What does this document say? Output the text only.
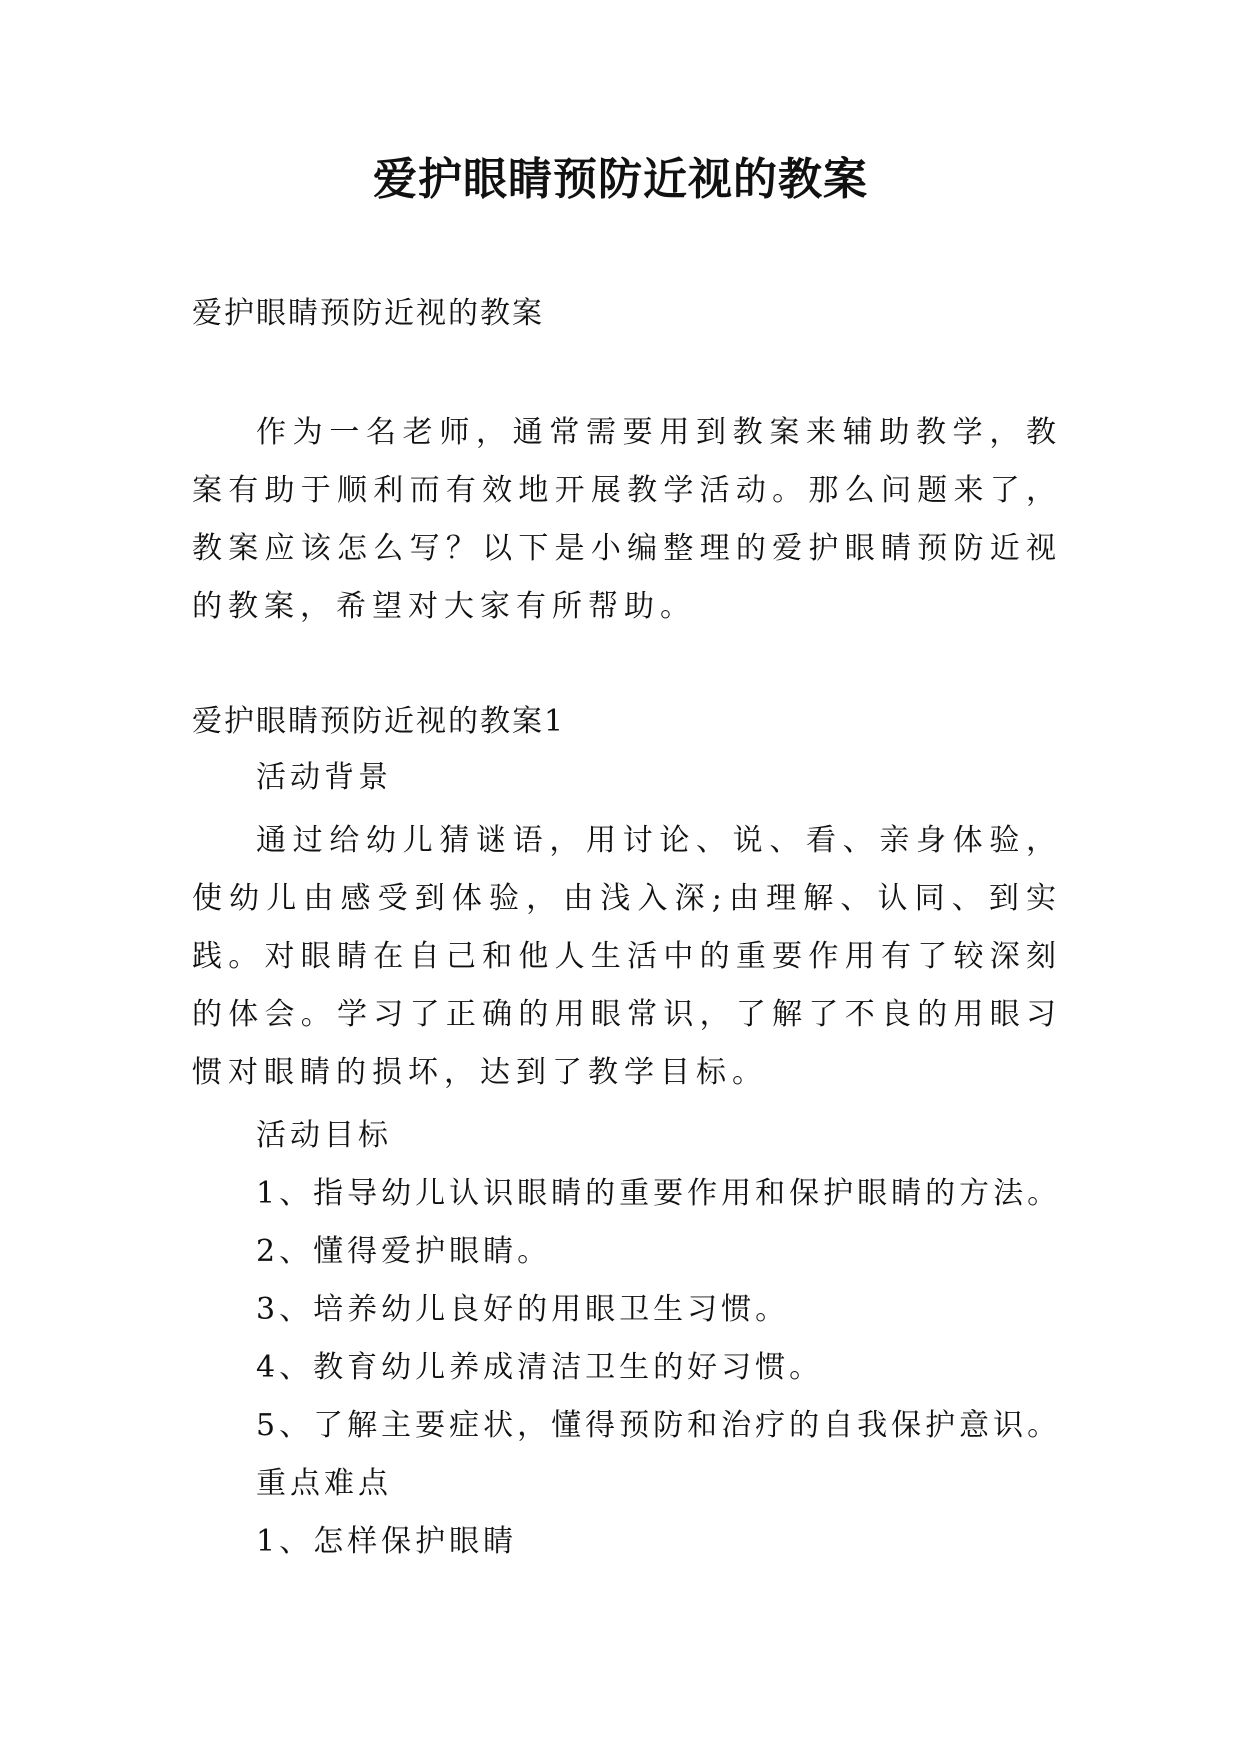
爱护眼睛预防近视的教案
爱护眼睛预防近视的教案
作为一名老师，通常需要用到教案来辅助教学，教案有助于顺利而有效地开展教学活动。那么问题来了，教案应该怎么写？以下是小编整理的爱护眼睛预防近视的教案，希望对大家有所帮助。
爱护眼睛预防近视的教案1
活动背景
通过给幼儿猜谜语，用讨论、说、看、亲身体验，使幼儿由感受到体验，由浅入深;由理解、认同、到实践。对眼睛在自己和他人生活中的重要作用有了较深刻的体会。学习了正确的用眼常识，了解了不良的用眼习惯对眼睛的损坏，达到了教学目标。
活动目标
1、指导幼儿认识眼睛的重要作用和保护眼睛的方法。
2、懂得爱护眼睛。
3、培养幼儿良好的用眼卫生习惯。
4、教育幼儿养成清洁卫生的好习惯。
5、了解主要症状，懂得预防和治疗的自我保护意识。
重点难点
1、怎样保护眼睛
